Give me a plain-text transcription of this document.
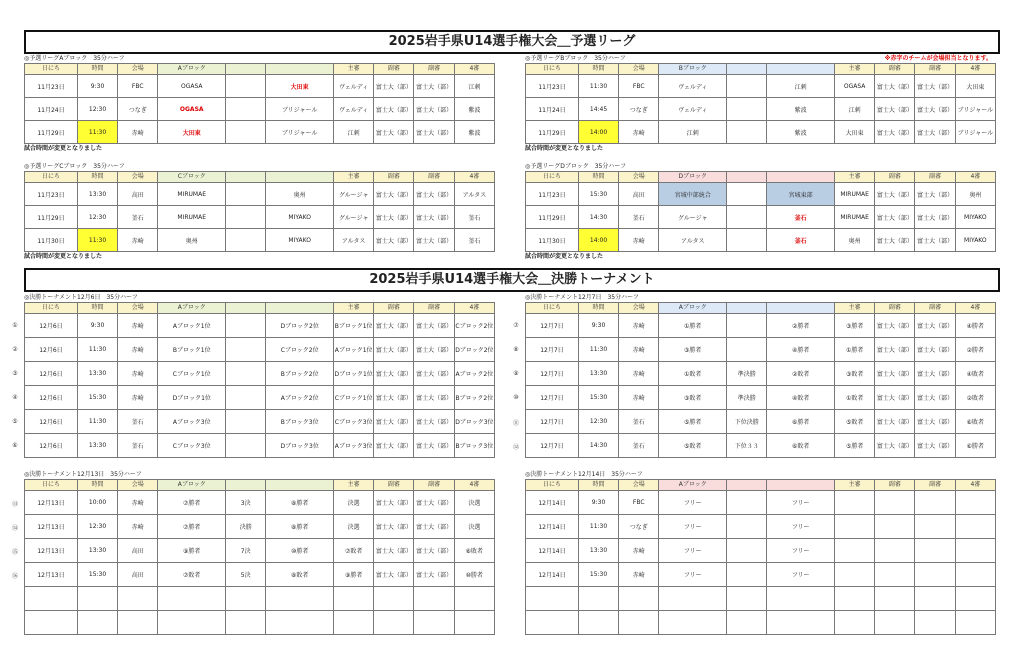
2025岩手県U14選手権大会＿予選リーグ
2025岩手県U14選手権大会＿決勝トーナメント
◎予選リーグAブロック　35分ハーフ
日にち	時間	会場	Aブロック			主審	副審	副審	4審
11月23日	9:30	FBC	OGASA		大田東	ヴェルディ	富士大（部）	富士大（部）	江刺
11月24日	12:30	つなぎ	OGASA		ブリジャール	ヴェルディ	富士大（部）	富士大（部）	紫波
11月29日	11:30	赤崎	大田東		ブリジャール	江刺	富士大（部）	富士大（部）	紫波
試合時間が変更となりました
◎予選リーグBブロック　35分ハーフ	※赤字のチームが会場担当となります。
日にち	時間	会場	Bブロック			主審	副審	副審	4審
11月23日	11:30	FBC	ヴェルディ		江刺	OGASA	富士大（部）	富士大（部）	大田東
11月24日	14:45	つなぎ	ヴェルディ		紫波	江刺	富士大（部）	富士大（部）	ブリジャール
11月29日	14:00	赤崎	江刺		紫波	大田東	富士大（部）	富士大（部）	ブリジャール
試合時間が変更となりました
◎予選リーグCブロック　35分ハーフ
日にち	時間	会場	Cブロック			主審	副審	副審	4審
11月23日	13:30	高田	MIRUMAE		奥州	グルージャ	富士大（部）	富士大（部）	アルタス
11月29日	12:30	釜石	MIRUMAE		MIYAKO	グルージャ	富士大（部）	富士大（部）	釜石
11月30日	11:30	赤崎	奥州		MIYAKO	アルタス	富士大（部）	富士大（部）	釜石
試合時間が変更となりました
◎予選リーグDブロック　35分ハーフ
日にち	時間	会場	Dブロック			主審	副審	副審	4審
11月23日	15:30	高田	宮城中部統合		宮城東部	MIRUMAE	富士大（部）	富士大（部）	奥州
11月29日	14:30	釜石	グルージャ		釜石	MIRUMAE	富士大（部）	富士大（部）	MIYAKO
11月30日	14:00	赤崎	アルタス		釜石	奥州	富士大（部）	富士大（部）	MIYAKO
試合時間が変更となりました
◎決勝トーナメント12月6日　35分ハーフ
日にち	時間	会場	Aブロック			主審	副審	副審	4審
12月6日	9:30	赤崎	Aブロック1位		Dブロック2位	Bブロック1位	富士大（部）	富士大（部）	Cブロック2位
12月6日	11:30	赤崎	Bブロック1位		Cブロック2位	Aブロック1位	富士大（部）	富士大（部）	Dブロック2位
12月6日	13:30	赤崎	Cブロック1位		Bブロック2位	Dブロック1位	富士大（部）	富士大（部）	Aブロック2位
12月6日	15:30	赤崎	Dブロック1位		Aブロック2位	Cブロック1位	富士大（部）	富士大（部）	Bブロック2位
12月6日	11:30	釜石	Aブロック3位		Bブロック3位	Cブロック3位	富士大（部）	富士大（部）	Dブロック3位
12月6日	13:30	釜石	Cブロック3位		Dブロック3位	Aブロック3位	富士大（部）	富士大（部）	Bブロック3位
①
②
③
④
⑤
⑥
◎決勝トーナメント12月7日　35分ハーフ
日にち	時間	会場	Aブロック			主審	副審	副審	4審
12月7日	9:30	赤崎	①勝者		②勝者	③勝者	富士大（部）	富士大（部）	④勝者
12月7日	11:30	赤崎	③勝者		④勝者	①勝者	富士大（部）	富士大（部）	②勝者
12月7日	13:30	赤崎	①敗者	準決勝	②敗者	③敗者	富士大（部）	富士大（部）	④敗者
12月7日	15:30	赤崎	③敗者	準決勝	④敗者	①敗者	富士大（部）	富士大（部）	②敗者
12月7日	12:30	釜石	⑤勝者	下位決勝	⑥勝者	⑤敗者	富士大（部）	富士大（部）	⑥敗者
12月7日	14:30	釜石	⑤敗者	下位３３	⑥敗者	⑤勝者	富士大（部）	富士大（部）	⑥勝者
⑦
⑧
⑨
⑩
⑪
⑫
◎決勝トーナメント12月13日　35分ハーフ
日にち	時間	会場	Aブロック			主審	副審	副審	4審
12月13日	10:00	赤崎	⑦勝者	3決	⑧勝者	決選	富士大（部）	富士大（部）	決選
12月13日	12:30	赤崎	⑦勝者	決勝	⑧勝者	決選	富士大（部）	富士大（部）	決選
12月13日	13:30	高田	⑨勝者	7決	⑩勝者	⑦敗者	富士大（部）	富士大（部）	⑧敗者
12月13日	15:30	高田	⑦敗者	5決	⑧敗者	⑨勝者	富士大（部）	富士大（部）	⑩勝者

⑬
⑭
⑮
⑯
◎決勝トーナメント12月14日　35分ハーフ
日にち	時間	会場	Aブロック			主審	副審	副審	4審
12月14日	9:30	FBC	フリー		フリー				
12月14日	11:30	つなぎ	フリー		フリー				
12月14日	13:30	赤崎	フリー		フリー				
12月14日	15:30	赤崎	フリー		フリー				
